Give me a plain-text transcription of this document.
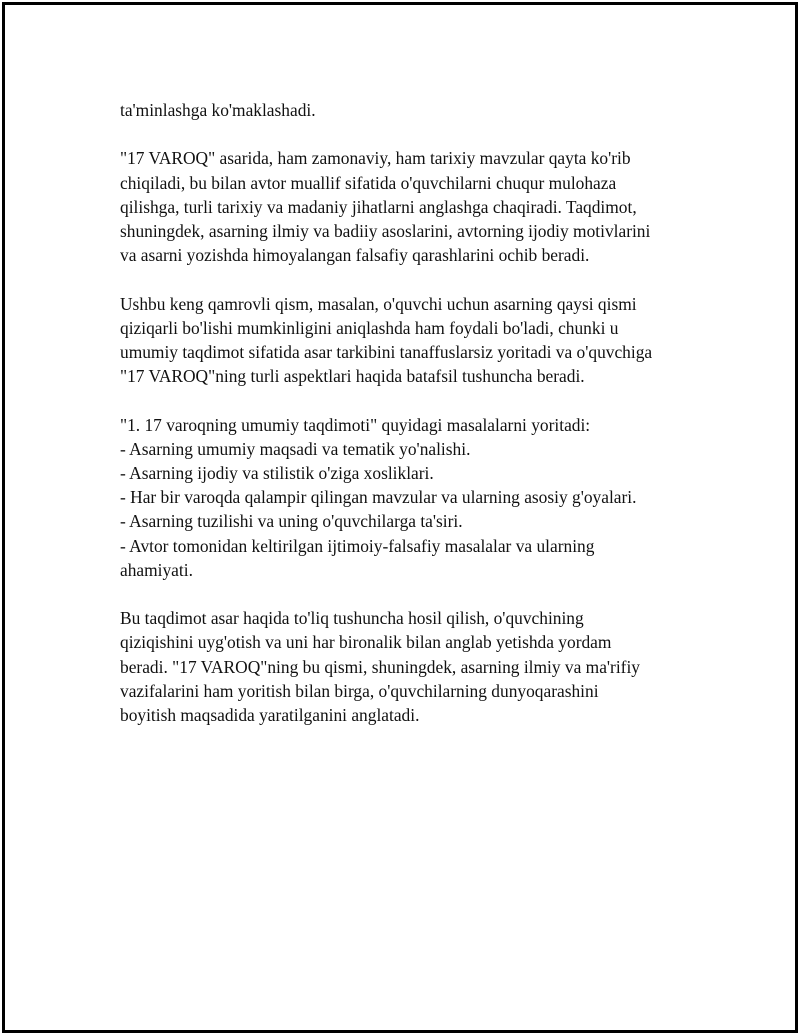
ta'minlashga ko'maklashadi.

"17 VAROQ" asarida, ham zamonaviy, ham tarixiy mavzular qayta ko'rib
chiqiladi, bu bilan avtor muallif sifatida o'quvchilarni chuqur mulohaza
qilishga, turli tarixiy va madaniy jihatlarni anglashga chaqiradi. Taqdimot,
shuningdek, asarning ilmiy va badiiy asoslarini, avtorning ijodiy motivlarini
va asarni yozishda himoyalangan falsafiy qarashlarini ochib beradi.

Ushbu keng qamrovli qism, masalan, o'quvchi uchun asarning qaysi qismi
qiziqarli bo'lishi mumkinligini aniqlashda ham foydali bo'ladi, chunki u
umumiy taqdimot sifatida asar tarkibini tanaffuslarsiz yoritadi va o'quvchiga
"17 VAROQ"ning turli aspektlari haqida batafsil tushuncha beradi.

"1. 17 varoqning umumiy taqdimoti" quyidagi masalalarni yoritadi:
- Asarning umumiy maqsadi va tematik yo'nalishi.
- Asarning ijodiy va stilistik o'ziga xosliklari.
- Har bir varoqda qalampir qilingan mavzular va ularning asosiy g'oyalari.
- Asarning tuzilishi va uning o'quvchilarga ta'siri.
- Avtor tomonidan keltirilgan ijtimoiy-falsafiy masalalar va ularning
ahamiyati.

Bu taqdimot asar haqida to'liq tushuncha hosil qilish, o'quvchining
qiziqishini uyg'otish va uni har bironalik bilan anglab yetishda yordam
beradi. "17 VAROQ"ning bu qismi, shuningdek, asarning ilmiy va ma'rifiy
vazifalarini ham yoritish bilan birga, o'quvchilarning dunyoqarashini
boyitish maqsadida yaratilganini anglatadi.
